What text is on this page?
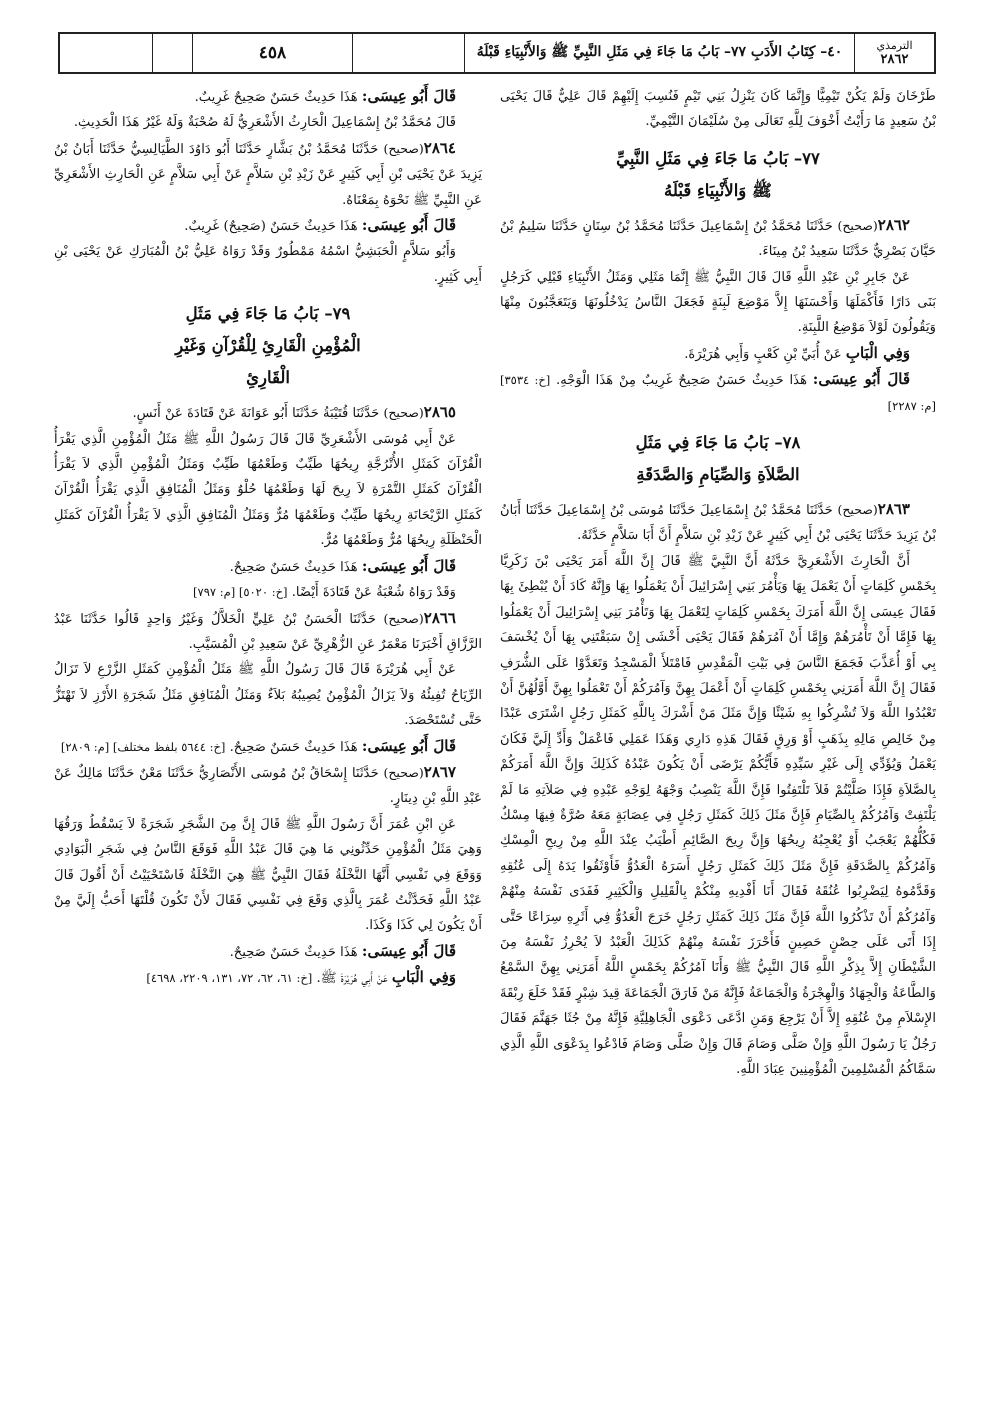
الترمذي
٢٨٦٢
٤٠– كِتَابُ الأَدَبِ ٧٧– بَابُ مَا جَاءَ فِي مَثَلِ النَّبِيِّ ﷺ وَالأَنْبِيَاءِ قَبْلَهُ
٤٥٨

طَرْخَانَ وَلَمْ يَكُنْ تَيْمِيًّا وَإِنَّمَا كَانَ يَنْزِلُ بَنِي تَيْمٍ فَنُسِبَ إِلَيْهِمْ قَالَ عَلِيٌّ قَالَ يَحْيَى بْنُ سَعِيدٍ مَا رَأَيْتُ أَخْوَفَ لِلَّهِ تَعَالَى مِنْ سُلَيْمَانَ التَّيْمِيِّ.

٧٧– بَابُ مَا جَاءَ فِي مَثَلِ النَّبِيِّ
ﷺ وَالأَنْبِيَاءِ قَبْلَهُ

٢٨٦٢(صحيح) حَدَّثَنَا مُحَمَّدُ بْنُ إِسْمَاعِيلَ حَدَّثَنَا مُحَمَّدُ بْنُ سِنَانٍ حَدَّثَنَا سَلِيمُ بْنُ حَيَّانَ بَصْرِيٌّ حَدَّثَنَا سَعِيدُ بْنُ مِينَاءَ.

عَنْ جَابِرِ بْنِ عَبْدِ اللَّهِ قَالَ قَالَ النَّبِيُّ ﷺ إِنَّمَا مَثَلِي وَمَثَلُ الأَنْبِيَاءِ قَبْلِي كَرَجُلٍ بَنَى دَارًا فَأَكْمَلَهَا وَأَحْسَنَهَا إِلاَّ مَوْضِعَ لَبِنَةٍ فَجَعَلَ النَّاسُ يَدْخُلُونَهَا وَيَتَعَجَّبُونَ مِنْهَا وَيَقُولُونَ لَوْلاَ مَوْضِعُ اللَّبِنَةِ.

وَفِي الْبَابِ عَنْ أُبَيِّ بْنِ كَعْبٍ وَأَبِي هُرَيْرَةَ.

قَالَ أَبُو عِيسَى: هَذَا حَدِيثٌ حَسَنٌ صَحِيحٌ غَرِيبٌ مِنْ هَذَا الْوَجْهِ. [خ: ٣٥٣٤] [م: ٢٢٨٧]

٧٨– بَابُ مَا جَاءَ فِي مَثَلِ
الصَّلاَةِ وَالصِّيَامِ وَالصَّدَقَةِ

٢٨٦٣(صحيح) حَدَّثَنَا مُحَمَّدُ بْنُ إِسْمَاعِيلَ حَدَّثَنَا مُوسَى بْنُ إِسْمَاعِيلَ حَدَّثَنَا أَبَانُ بْنُ يَزِيدَ حَدَّثَنَا يَحْيَى بْنُ أَبِي كَثِيرٍ عَنْ زَيْدِ بْنِ سَلاَّمٍ أَنَّ أَبَا سَلاَّمٍ حَدَّثَهُ.

أَنَّ الْحَارِثَ الأَشْعَرِيَّ حَدَّثَهُ أَنَّ النَّبِيَّ ﷺ قَالَ إِنَّ اللَّهَ أَمَرَ يَحْيَى بْنَ زَكَرِيَّا بِخَمْسِ كَلِمَاتٍ أَنْ يَعْمَلَ بِهَا وَيَأْمُرَ بَنِي إِسْرَائِيلَ أَنْ يَعْمَلُوا بِهَا وَإِنَّهُ كَادَ أَنْ يُبْطِئَ بِهَا فَقَالَ عِيسَى إِنَّ اللَّهَ أَمَرَكَ بِخَمْسِ كَلِمَاتٍ لِتَعْمَلَ بِهَا وَتَأْمُرَ بَنِي إِسْرَائِيلَ أَنْ يَعْمَلُوا بِهَا فَإِمَّا أَنْ تَأْمُرَهُمْ وَإِمَّا أَنْ آمُرَهُمْ فَقَالَ يَحْيَى أَخْشَى إِنْ سَبَقْتَنِي بِهَا أَنْ يُخْسَفَ بِي أَوْ أُعَذَّبَ فَجَمَعَ النَّاسَ فِي بَيْتِ الْمَقْدِسِ فَامْتَلأَ الْمَسْجِدُ وَتَعَدَّوْا عَلَى الشُّرَفِ فَقَالَ إِنَّ اللَّهَ أَمَرَنِي بِخَمْسِ كَلِمَاتٍ أَنْ أَعْمَلَ بِهِنَّ وَآمُرَكُمْ أَنْ تَعْمَلُوا بِهِنَّ أَوَّلُهُنَّ أَنْ تَعْبُدُوا اللَّهَ وَلاَ تُشْرِكُوا بِهِ شَيْئًا وَإِنَّ مَثَلَ مَنْ أَشْرَكَ بِاللَّهِ كَمَثَلِ رَجُلٍ اشْتَرَى عَبْدًا مِنْ خَالِصِ مَالِهِ بِذَهَبٍ أَوْ وَرِقٍ فَقَالَ هَذِهِ دَارِي وَهَذَا عَمَلِي فَاعْمَلْ وَأَدِّ إِلَيَّ فَكَانَ يَعْمَلُ وَيُؤَدِّي إِلَى غَيْرِ سَيِّدِهِ فَأَيُّكُمْ يَرْضَى أَنْ يَكُونَ عَبْدُهُ كَذَلِكَ وَإِنَّ اللَّهَ أَمَرَكُمْ بِالصَّلاَةِ فَإِذَا صَلَّيْتُمْ فَلاَ تَلْتَفِتُوا فَإِنَّ اللَّهَ يَنْصِبُ وَجْهَهُ لِوَجْهِ عَبْدِهِ فِي صَلاَتِهِ مَا لَمْ يَلْتَفِتْ وَآمُرُكُمْ بِالصِّيَامِ فَإِنَّ مَثَلَ ذَلِكَ كَمَثَلِ رَجُلٍ فِي عِصَابَةٍ مَعَهُ صُرَّةٌ فِيهَا مِسْكٌ فَكُلُّهُمْ يَعْجَبُ أَوْ يُعْجِبُهُ رِيحُهَا وَإِنَّ رِيحَ الصَّائِمِ أَطْيَبُ عِنْدَ اللَّهِ مِنْ رِيحِ الْمِسْكِ وَآمُرُكُمْ بِالصَّدَقَةِ فَإِنَّ مَثَلَ ذَلِكَ كَمَثَلِ رَجُلٍ أَسَرَهُ الْعَدُوُّ فَأَوْثَقُوا يَدَهُ إِلَى عُنُقِهِ وَقَدَّمُوهُ لِيَضْرِبُوا عُنُقَهُ فَقَالَ أَنَا أَفْدِيهِ مِنْكُمْ بِالْقَلِيلِ وَالْكَثِيرِ فَفَدَى نَفْسَهُ مِنْهُمْ وَآمُرُكُمْ أَنْ تَذْكُرُوا اللَّهَ فَإِنَّ مَثَلَ ذَلِكَ كَمَثَلِ رَجُلٍ خَرَجَ الْعَدُوُّ فِي أَثَرِهِ سِرَاعًا حَتَّى إِذَا أَتَى عَلَى حِصْنٍ حَصِينٍ فَأَحْرَزَ نَفْسَهُ مِنْهُمْ كَذَلِكَ الْعَبْدُ لاَ يُحْرِزُ نَفْسَهُ مِنَ الشَّيْطَانِ إِلاَّ بِذِكْرِ اللَّهِ قَالَ النَّبِيُّ ﷺ وَأَنَا آمُرُكُمْ بِخَمْسٍ اللَّهُ أَمَرَنِي بِهِنَّ السَّمْعُ وَالطَّاعَةُ وَالْجِهَادُ وَالْهِجْرَةُ وَالْجَمَاعَةُ فَإِنَّهُ مَنْ فَارَقَ الْجَمَاعَةَ قِيدَ شِبْرٍ فَقَدْ خَلَعَ رِبْقَةَ الإِسْلاَمِ مِنْ عُنُقِهِ إِلاَّ أَنْ يَرْجِعَ وَمَنِ ادَّعَى دَعْوَى الْجَاهِلِيَّةِ فَإِنَّهُ مِنْ جُثَا جَهَنَّمَ فَقَالَ رَجُلٌ يَا رَسُولَ اللَّهِ وَإِنْ صَلَّى وَصَامَ قَالَ وَإِنْ صَلَّى وَصَامَ فَادْعُوا بِدَعْوَى اللَّهِ الَّذِي سَمَّاكُمُ الْمُسْلِمِينَ الْمُؤْمِنِينَ عِبَادَ اللَّهِ.

قَالَ أَبُو عِيسَى: هَذَا حَدِيثٌ حَسَنٌ صَحِيحٌ غَرِيبٌ.

قَالَ مُحَمَّدُ بْنُ إِسْمَاعِيلَ الْحَارِثُ الأَشْعَرِيُّ لَهُ صُحْبَةٌ وَلَهُ غَيْرُ هَذَا الْحَدِيثِ.

٢٨٦٤(صحيح) حَدَّثَنَا مُحَمَّدُ بْنُ بَشَّارٍ حَدَّثَنَا أَبُو دَاوُدَ الطَّيَالِسِيُّ حَدَّثَنَا أَبَانُ بْنُ يَزِيدَ عَنْ يَحْيَى بْنِ أَبِي كَثِيرٍ عَنْ زَيْدِ بْنِ سَلاَّمٍ عَنْ أَبِي سَلاَّمٍ عَنِ الْحَارِثِ الأَشْعَرِيِّ عَنِ النَّبِيِّ ﷺ نَحْوَهُ بِمَعْنَاهُ.

قَالَ أَبُو عِيسَى: هَذَا حَدِيثٌ حَسَنٌ (صَحِيحٌ) غَرِيبٌ.

وَأَبُو سَلاَّمٍ الْحَبَشِيُّ اسْمُهُ مَمْطُورٌ وَقَدْ رَوَاهُ عَلِيُّ بْنُ الْمُبَارَكِ عَنْ يَحْيَى بْنِ أَبِي كَثِيرٍ.

٧٩– بَابُ مَا جَاءَ فِي مَثَلِ
الْمُؤْمِنِ الْقَارِئِ لِلْقُرْآنِ وَغَيْرِ
الْقَارِئِ

٢٨٦٥(صحيح) حَدَّثَنَا قُتَيْبَةُ حَدَّثَنَا أَبُو عَوَانَةَ عَنْ قَتَادَةَ عَنْ أَنَسٍ.

عَنْ أَبِي مُوسَى الأَشْعَرِيِّ قَالَ قَالَ رَسُولُ اللَّهِ ﷺ مَثَلُ الْمُؤْمِنِ الَّذِي يَقْرَأُ الْقُرْآنَ كَمَثَلِ الأُتْرُجَّةِ رِيحُهَا طَيِّبٌ وَطَعْمُهَا طَيِّبٌ وَمَثَلُ الْمُؤْمِنِ الَّذِي لاَ يَقْرَأُ الْقُرْآنَ كَمَثَلِ التَّمْرَةِ لاَ رِيحَ لَهَا وَطَعْمُهَا حُلْوٌ وَمَثَلُ الْمُنَافِقِ الَّذِي يَقْرَأُ الْقُرْآنَ كَمَثَلِ الرَّيْحَانَةِ رِيحُهَا طَيِّبٌ وَطَعْمُهَا مُرٌّ وَمَثَلُ الْمُنَافِقِ الَّذِي لاَ يَقْرَأُ الْقُرْآنَ كَمَثَلِ الْحَنْظَلَةِ رِيحُهَا مُرٌّ وَطَعْمُهَا مُرٌّ.

قَالَ أَبُو عِيسَى: هَذَا حَدِيثٌ حَسَنٌ صَحِيحٌ.

وَقَدْ رَوَاهُ شُعْبَةُ عَنْ قَتَادَةَ أَيْضًا. [خ: ٥٠٢٠] [م: ٧٩٧]

٢٨٦٦(صحيح) حَدَّثَنَا الْحَسَنُ بْنُ عَلِيٍّ الْخَلاَّلُ وَغَيْرُ وَاحِدٍ قَالُوا حَدَّثَنَا عَبْدُ الرَّزَّاقِ أَخْبَرَنَا مَعْمَرٌ عَنِ الزُّهْرِيِّ عَنْ سَعِيدِ بْنِ الْمُسَيَّبِ.

عَنْ أَبِي هُرَيْرَةَ قَالَ قَالَ رَسُولُ اللَّهِ ﷺ مَثَلُ الْمُؤْمِنِ كَمَثَلِ الزَّرْعِ لاَ تَزَالُ الرِّيَاحُ تُفِيئُهُ وَلاَ يَزَالُ الْمُؤْمِنُ يُصِيبُهُ بَلاَءٌ وَمَثَلُ الْمُنَافِقِ مَثَلُ شَجَرَةِ الأَرْزِ لاَ تَهْتَزُّ حَتَّى تُسْتَحْصَدَ.

قَالَ أَبُو عِيسَى: هَذَا حَدِيثٌ حَسَنٌ صَحِيحٌ. [خ: ٥٦٤٤ بلفظ مختلف] [م: ٢٨٠٩]

٢٨٦٧(صحيح) حَدَّثَنَا إِسْحَاقُ بْنُ مُوسَى الأَنْصَارِيُّ حَدَّثَنَا مَعْنٌ حَدَّثَنَا مَالِكٌ عَنْ عَبْدِ اللَّهِ بْنِ دِينَارٍ.

عَنِ ابْنِ عُمَرَ أَنَّ رَسُولَ اللَّهِ ﷺ قَالَ إِنَّ مِنَ الشَّجَرِ شَجَرَةً لاَ يَسْقُطُ وَرَقُهَا وَهِيَ مَثَلُ الْمُؤْمِنِ حَدِّثُونِي مَا هِيَ قَالَ عَبْدُ اللَّهِ فَوَقَعَ النَّاسُ فِي شَجَرِ الْبَوَادِي وَوَقَعَ فِي نَفْسِي أَنَّهَا النَّخْلَةُ فَقَالَ النَّبِيُّ ﷺ هِيَ النَّخْلَةُ فَاسْتَحْيَيْتُ أَنْ أَقُولَ قَالَ عَبْدُ اللَّهِ فَحَدَّثْتُ عُمَرَ بِالَّذِي وَقَعَ فِي نَفْسِي فَقَالَ لأَنْ تَكُونَ قُلْتَهَا أَحَبُّ إِلَيَّ مِنْ أَنْ يَكُونَ لِي كَذَا وَكَذَا.

قَالَ أَبُو عِيسَى: هَذَا حَدِيثٌ حَسَنٌ صَحِيحٌ.

وَفِي الْبَابِ عَنْ أَبِي هُرَيْرَةَ ﷺ. [خ: ٦١، ٦٢، ٧٢، ١٣١، ٢٢٠٩، ٤٦٩٨]
